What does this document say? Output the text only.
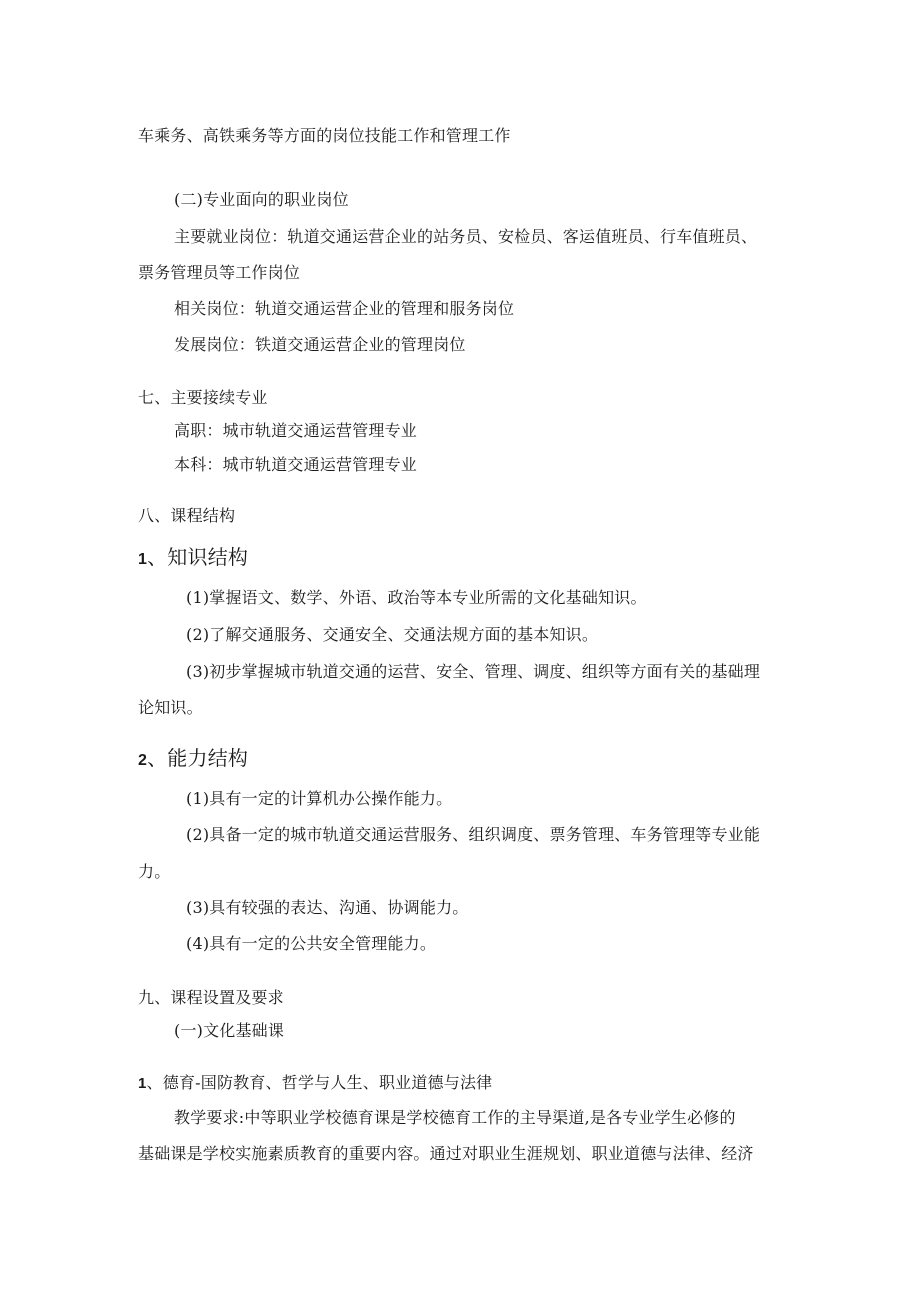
车乘务、高铁乘务等方面的岗位技能工作和管理工作
(二)专业面向的职业岗位
主要就业岗位：轨道交通运营企业的站务员、安检员、客运值班员、行车值班员、
票务管理员等工作岗位
相关岗位：轨道交通运营企业的管理和服务岗位
发展岗位：铁道交通运营企业的管理岗位
七、主要接续专业
高职：城市轨道交通运营管理专业
本科：城市轨道交通运营管理专业
八、课程结构
1、知识结构
(1)掌握语文、数学、外语、政治等本专业所需的文化基础知识。
(2)了解交通服务、交通安全、交通法规方面的基本知识。
(3)初步掌握城市轨道交通的运营、安全、管理、调度、组织等方面有关的基础理
论知识。
2、能力结构
(1)具有一定的计算机办公操作能力。
(2)具备一定的城市轨道交通运营服务、组织调度、票务管理、车务管理等专业能
力。
(3)具有较强的表达、沟通、协调能力。
(4)具有一定的公共安全管理能力。
九、课程设置及要求
(一)文化基础课
1、德育-国防教育、哲学与人生、职业道德与法律
教学要求:中等职业学校德育课是学校德育工作的主导渠道,是各专业学生必修的
基础课是学校实施素质教育的重要内容。通过对职业生涯规划、职业道德与法律、经济
